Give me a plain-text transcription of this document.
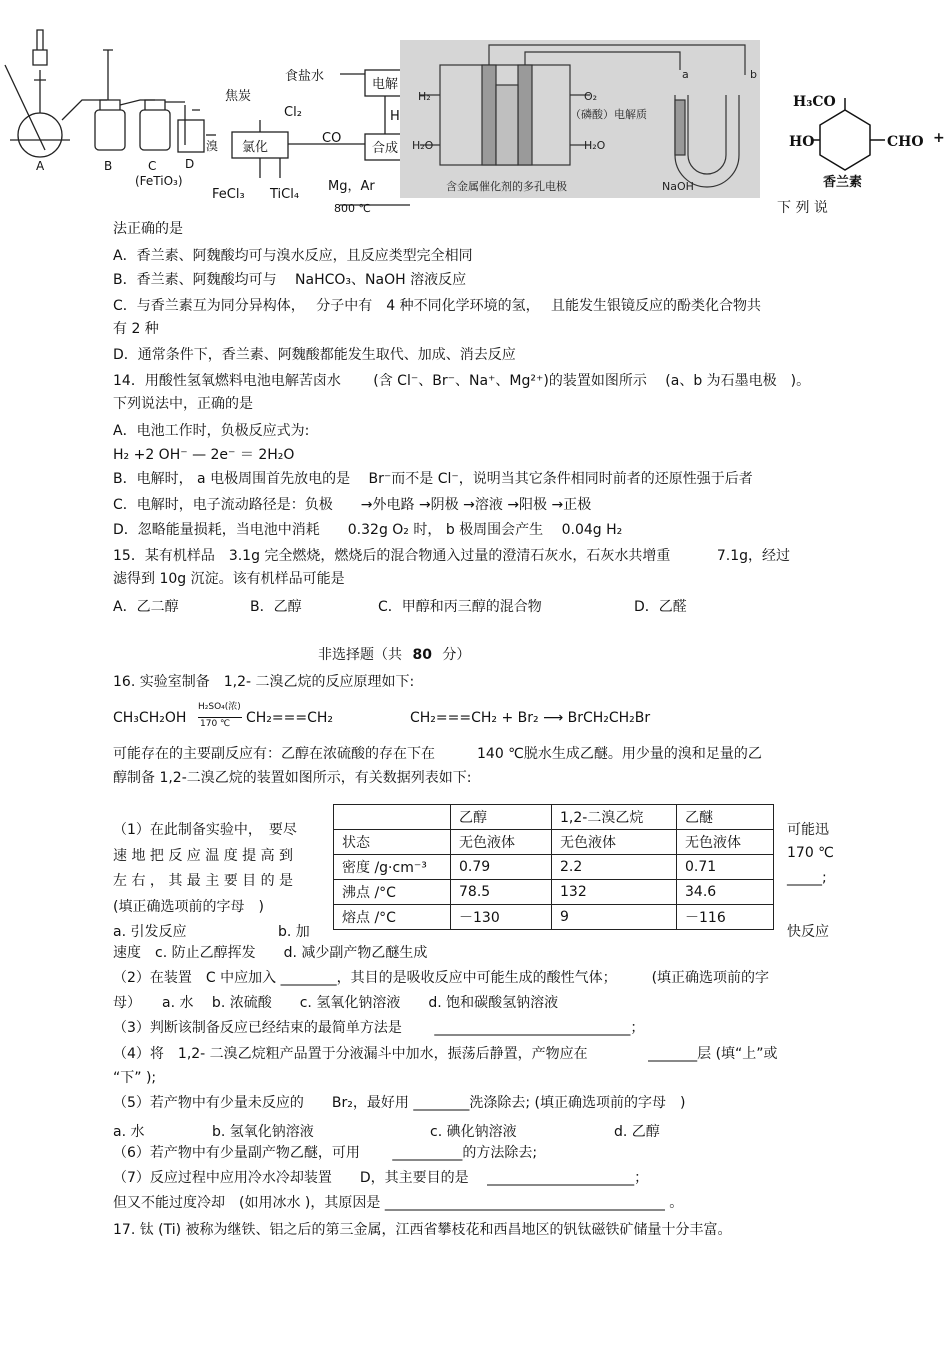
A	B	C D
(FeTiO₃)
溴
焦炭
食盐水
Cl₂
CO
氯化
电解
合成
H
FeCl₃ TiCl₄
Mg，Ar
800 ℃
H₂	O₂
H₂O	H₂O
（磷酸）电解质
含金属催化剂的多孔电极
a	b
NaOH
H₃CO
HO	CHO +
香兰素
下 列 说
法正确的是
A．香兰素、阿魏酸均可与溴水反应，且反应类型完全相同
B．香兰素、阿魏酸均可与　 NaHCO₃、NaOH 溶液反应
C．与香兰素互为同分异构体，　 分子中有　4 种不同化学环境的氢，　 且能发生银镜反应的酚类化合物共
有 2 种
D．通常条件下，香兰素、阿魏酸都能发生取代、加成、消去反应
14．用酸性氢氧燃料电池电解苦卤水　　 (含 Cl⁻、Br⁻、Na⁺、Mg²⁺)的装置如图所示　 (a、b 为石墨电极　)。
下列说法中，正确的是
A．电池工作时，负极反应式为:
H₂ +2 OH⁻ — 2e⁻ ＝ 2H₂O
B．电解时， a 电极周围首先放电的是　 Br⁻而不是 Cl⁻，说明当其它条件相同时前者的还原性强于后者
C．电解时，电子流动路径是：负极　　→外电路 →阴极 →溶液 →阳极 →正极
D．忽略能量损耗，当电池中消耗　　0.32g O₂ 时， b 极周围会产生　 0.04g H₂
15．某有机样品　3.1g 完全燃烧，燃烧后的混合物通入过量的澄清石灰水，石灰水共增重　　　 7.1g，经过
滤得到 10g 沉淀。该有机样品可能是
A．乙二醇	B．乙醇	C．甲醇和丙三醇的混合物	D．乙醛
非选择题（共 80 分）
16. 实验室制备　1,2- 二溴乙烷的反应原理如下:
CH₃CH₂OH
H₂SO₄(浓)
170 ℃ CH₂===CH₂	CH₂===CH₂ + Br₂ ⟶ BrCH₂CH₂Br
可能存在的主要副反应有：乙醇在浓硫酸的存在下在　　　140 ℃脱水生成乙醚。用少量的溴和足量的乙
醇制备 1,2-二溴乙烷的装置如图所示，有关数据列表如下:
（1）在此制备实验中，　要尽
速 地 把 反 应 温 度 提 高 到
左 右 ， 其 最 主 要 目 的 是
(填正确选项前的字母　)
可能迅
170 ℃
_____;
a. 引发反应	b. 加	快反应
速度　c. 防止乙醇挥发　　d. 减少副产物乙醚生成
	乙醇	1,2-二溴乙烷	乙醚
状态	无色液体	无色液体	无色液体
密度 /g·cm⁻³	0.79	2.2	0.71
沸点 /°C	78.5	132	34.6
熔点 /°C	－130	9	－116
（2）在装置　C 中应加入 ________，其目的是吸收反应中可能生成的酸性气体；　　　(填正确选项前的字
母）　　a. 水　 b. 浓硫酸　　c. 氢氧化钠溶液　　d. 饱和碳酸氢钠溶液
（3）判断该制备反应已经结束的最简单方法是　　 ____________________________；
（4）将　1,2- 二溴乙烷粗产品置于分液漏斗中加水，振荡后静置，产物应在　　　　 _______层 (填“上”或
“下” );
（5）若产物中有少量未反应的　　Br₂，最好用 ________洗涤除去; (填正确选项前的字母　)
a. 水	b. 氢氧化钠溶液	c. 碘化钠溶液	d. 乙醇
（6）若产物中有少量副产物乙醚，可用　　 __________的方法除去;
（7）反应过程中应用冷水冷却装置　　D，其主要目的是　 _____________________；
但又不能过度冷却　(如用冰水 )，其原因是 ________________________________________ 。
17. 钛 (Ti) 被称为继铁、铝之后的第三金属，江西省攀枝花和西昌地区的钒钛磁铁矿储量十分丰富。
